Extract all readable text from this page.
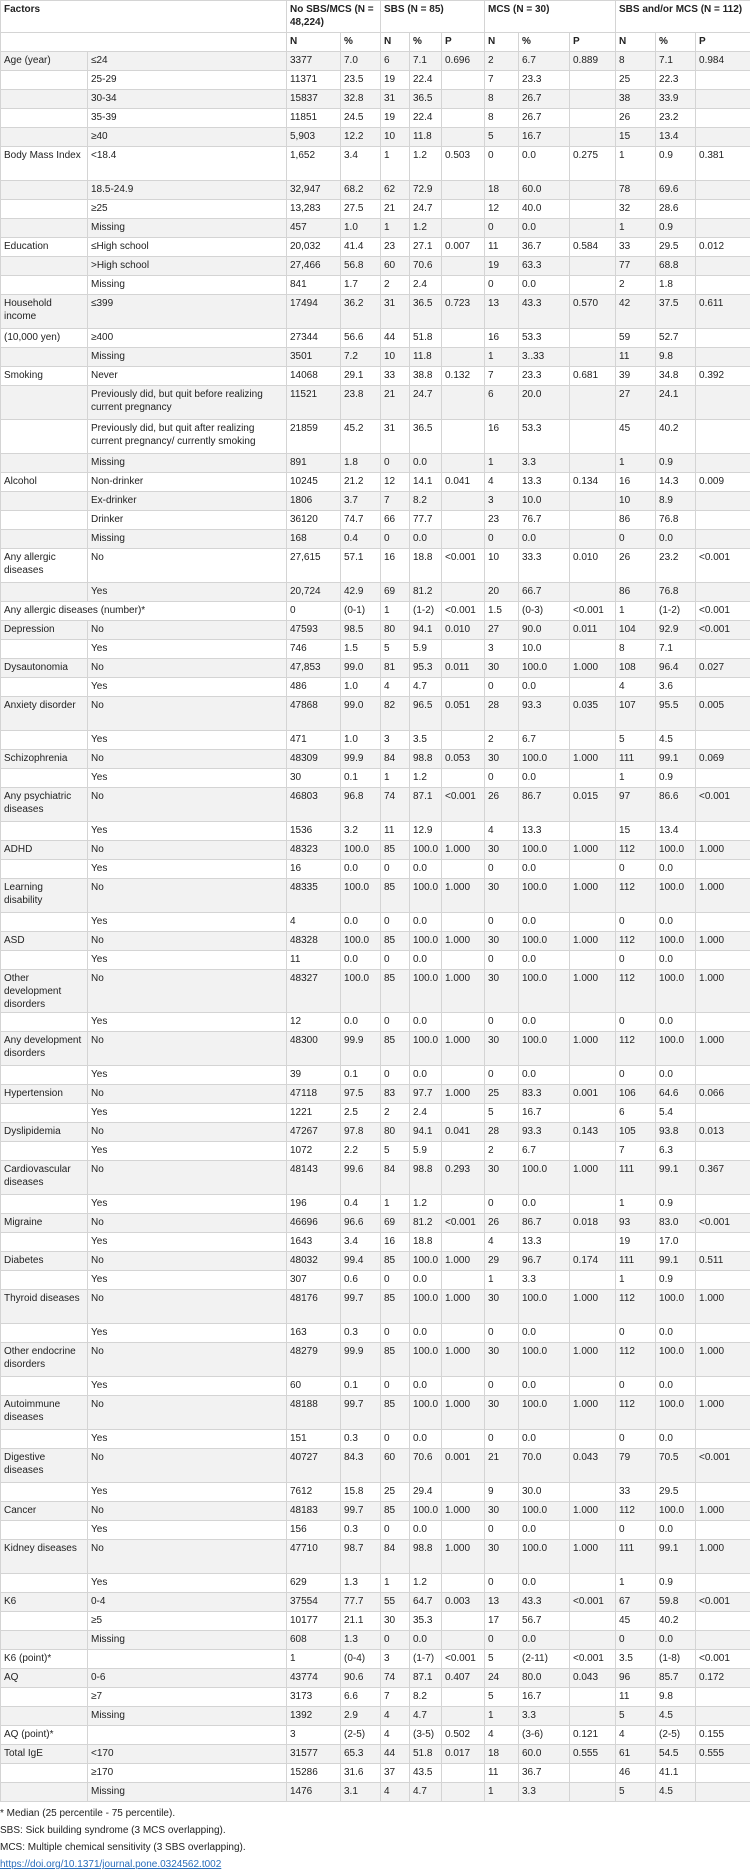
Factors		No SBS/MCS (N = 48,224)		SBS (N = 85)			MCS (N = 30)			SBS and/or MCS (N = 112)		
		N	%	N	%	P	N	%	P	N	%	P
Age (year)	≤24	3377	7.0	6	7.1	0.696	2	6.7	0.889	8	7.1	0.984
	25-29	11371	23.5	19	22.4		7	23.3		25	22.3	
	30-34	15837	32.8	31	36.5		8	26.7		38	33.9	
	35-39	11851	24.5	19	22.4		8	26.7		26	23.2	
	≥40	5,903	12.2	10	11.8		5	16.7		15	13.4	
Body Mass Index	<18.4	1,652	3.4	1	1.2	0.503	0	0.0	0.275	1	0.9	0.381
	18.5-24.9	32,947	68.2	62	72.9		18	60.0		78	69.6	
	≥25	13,283	27.5	21	24.7		12	40.0		32	28.6	
	Missing	457	1.0	1	1.2		0	0.0		1	0.9	
Education	≤High school	20,032	41.4	23	27.1	0.007	11	36.7	0.584	33	29.5	0.012
	>High school	27,466	56.8	60	70.6		19	63.3		77	68.8	
	Missing	841	1.7	2	2.4		0	0.0		2	1.8	
Household income	≤399	17494	36.2	31	36.5	0.723	13	43.3	0.570	42	37.5	0.611
(10,000 yen)	≥400	27344	56.6	44	51.8		16	53.3		59	52.7	
	Missing	3501	7.2	10	11.8		1	3..33		11	9.8	
Smoking	Never	14068	29.1	33	38.8	0.132	7	23.3	0.681	39	34.8	0.392
	Previously did, but quit before realizing current pregnancy	11521	23.8	21	24.7		6	20.0		27	24.1	
	Previously did, but quit after realizing current pregnancy/ currently smoking	21859	45.2	31	36.5		16	53.3		45	40.2	
	Missing	891	1.8	0	0.0		1	3.3		1	0.9	
Alcohol	Non-drinker	10245	21.2	12	14.1	0.041	4	13.3	0.134	16	14.3	0.009
	Ex-drinker	1806	3.7	7	8.2		3	10.0		10	8.9	
	Drinker	36120	74.7	66	77.7		23	76.7		86	76.8	
	Missing	168	0.4	0	0.0		0	0.0		0	0.0	
Any allergic diseases	No	27,615	57.1	16	18.8	<0.001	10	33.3	0.010	26	23.2	<0.001
	Yes	20,724	42.9	69	81.2		20	66.7		86	76.8	
Any allergic diseases (number)*		0	(0-1)	1	(1-2)	<0.001	1.5	(0-3)	<0.001	1	(1-2)	<0.001
Depression	No	47593	98.5	80	94.1	0.010	27	90.0	0.011	104	92.9	<0.001
	Yes	746	1.5	5	5.9		3	10.0		8	7.1	
Dysautonomia	No	47,853	99.0	81	95.3	0.011	30	100.0	1.000	108	96.4	0.027
	Yes	486	1.0	4	4.7		0	0.0		4	3.6	
Anxiety disorder	No	47868	99.0	82	96.5	0.051	28	93.3	0.035	107	95.5	0.005
	Yes	471	1.0	3	3.5		2	6.7		5	4.5	
Schizophrenia	No	48309	99.9	84	98.8	0.053	30	100.0	1.000	111	99.1	0.069
	Yes	30	0.1	1	1.2		0	0.0		1	0.9	
Any psychiatric diseases	No	46803	96.8	74	87.1	<0.001	26	86.7	0.015	97	86.6	<0.001
	Yes	1536	3.2	11	12.9		4	13.3		15	13.4	
ADHD	No	48323	100.0	85	100.0	1.000	30	100.0	1.000	112	100.0	1.000
	Yes	16	0.0	0	0.0		0	0.0		0	0.0	
Learning disability	No	48335	100.0	85	100.0	1.000	30	100.0	1.000	112	100.0	1.000
	Yes	4	0.0	0	0.0		0	0.0		0	0.0	
ASD	No	48328	100.0	85	100.0	1.000	30	100.0	1.000	112	100.0	1.000
	Yes	11	0.0	0	0.0		0	0.0		0	0.0	
Other development disorders	No	48327	100.0	85	100.0	1.000	30	100.0	1.000	112	100.0	1.000
	Yes	12	0.0	0	0.0		0	0.0		0	0.0	
Any development disorders	No	48300	99.9	85	100.0	1.000	30	100.0	1.000	112	100.0	1.000
	Yes	39	0.1	0	0.0		0	0.0		0	0.0	
Hypertension	No	47118	97.5	83	97.7	1.000	25	83.3	0.001	106	64.6	0.066
	Yes	1221	2.5	2	2.4		5	16.7		6	5.4	
Dyslipidemia	No	47267	97.8	80	94.1	0.041	28	93.3	0.143	105	93.8	0.013
	Yes	1072	2.2	5	5.9		2	6.7		7	6.3	
Cardiovascular diseases	No	48143	99.6	84	98.8	0.293	30	100.0	1.000	111	99.1	0.367
	Yes	196	0.4	1	1.2		0	0.0		1	0.9	
Migraine	No	46696	96.6	69	81.2	<0.001	26	86.7	0.018	93	83.0	<0.001
	Yes	1643	3.4	16	18.8		4	13.3		19	17.0	
Diabetes	No	48032	99.4	85	100.0	1.000	29	96.7	0.174	111	99.1	0.511
	Yes	307	0.6	0	0.0		1	3.3		1	0.9	
Thyroid diseases	No	48176	99.7	85	100.0	1.000	30	100.0	1.000	112	100.0	1.000
	Yes	163	0.3	0	0.0		0	0.0		0	0.0	
Other endocrine disorders	No	48279	99.9	85	100.0	1.000	30	100.0	1.000	112	100.0	1.000
	Yes	60	0.1	0	0.0		0	0.0		0	0.0	
Autoimmune diseases	No	48188	99.7	85	100.0	1.000	30	100.0	1.000	112	100.0	1.000
	Yes	151	0.3	0	0.0		0	0.0		0	0.0	
Digestive diseases	No	40727	84.3	60	70.6	0.001	21	70.0	0.043	79	70.5	<0.001
	Yes	7612	15.8	25	29.4		9	30.0		33	29.5	
Cancer	No	48183	99.7	85	100.0	1.000	30	100.0	1.000	112	100.0	1.000
	Yes	156	0.3	0	0.0		0	0.0		0	0.0	
Kidney diseases	No	47710	98.7	84	98.8	1.000	30	100.0	1.000	111	99.1	1.000
	Yes	629	1.3	1	1.2		0	0.0		1	0.9	
K6	0-4	37554	77.7	55	64.7	0.003	13	43.3	<0.001	67	59.8	<0.001
	≥5	10177	21.1	30	35.3		17	56.7		45	40.2	
	Missing	608	1.3	0	0.0		0	0.0		0	0.0	
K6 (point)*		1	(0-4)	3	(1-7)	<0.001	5	(2-11)	<0.001	3.5	(1-8)	<0.001
AQ	0-6	43774	90.6	74	87.1	0.407	24	80.0	0.043	96	85.7	0.172
	≥7	3173	6.6	7	8.2		5	16.7		11	9.8	
	Missing	1392	2.9	4	4.7		1	3.3		5	4.5	
AQ (point)*		3	(2-5)	4	(3-5)	0.502	4	(3-6)	0.121	4	(2-5)	0.155
Total IgE	<170	31577	65.3	44	51.8	0.017	18	60.0	0.555	61	54.5	0.555
	≥170	15286	31.6	37	43.5		11	36.7		46	41.1	
	Missing	1476	3.1	4	4.7		1	3.3		5	4.5	
* Median (25 percentile - 75 percentile).
SBS: Sick building syndrome (3 MCS overlapping).
MCS: Multiple chemical sensitivity (3 SBS overlapping).
https://doi.org/10.1371/journal.pone.0324562.t002
